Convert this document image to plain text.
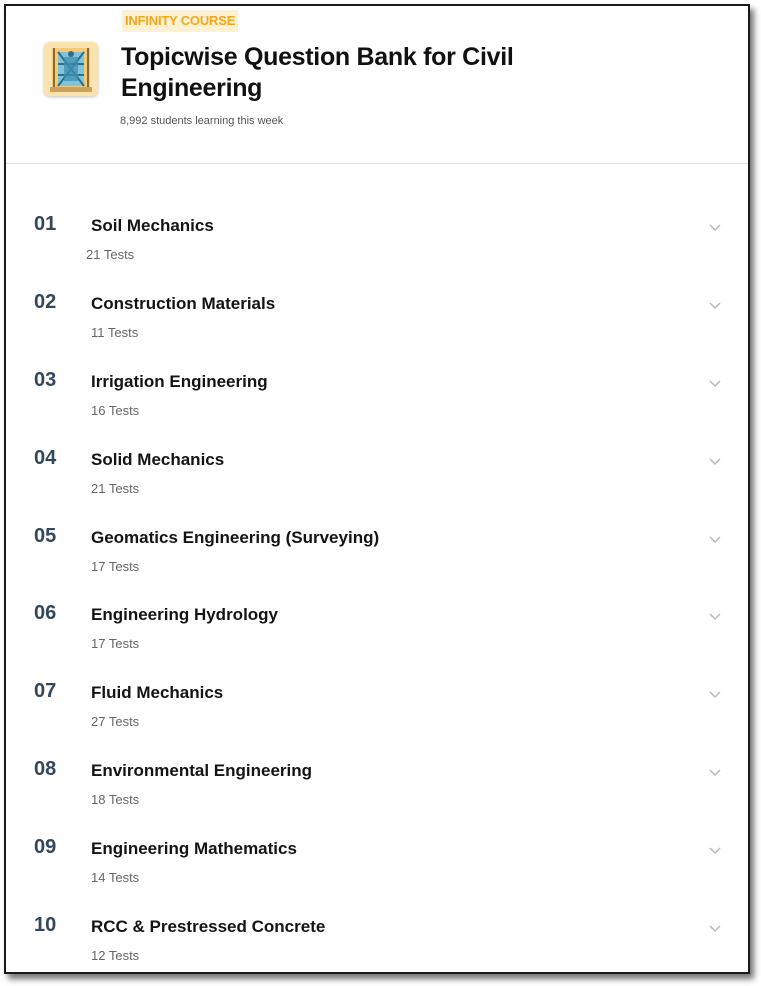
INFINITY COURSE
Topicwise Question Bank for Civil Engineering
8,992 students learning this week
01 Soil Mechanics
21 Tests
02 Construction Materials
11 Tests
03 Irrigation Engineering
16 Tests
04 Solid Mechanics
21 Tests
05 Geomatics Engineering (Surveying)
17 Tests
06 Engineering Hydrology
17 Tests
07 Fluid Mechanics
27 Tests
08 Environmental Engineering
18 Tests
09 Engineering Mathematics
14 Tests
10 RCC & Prestressed Concrete
12 Tests
